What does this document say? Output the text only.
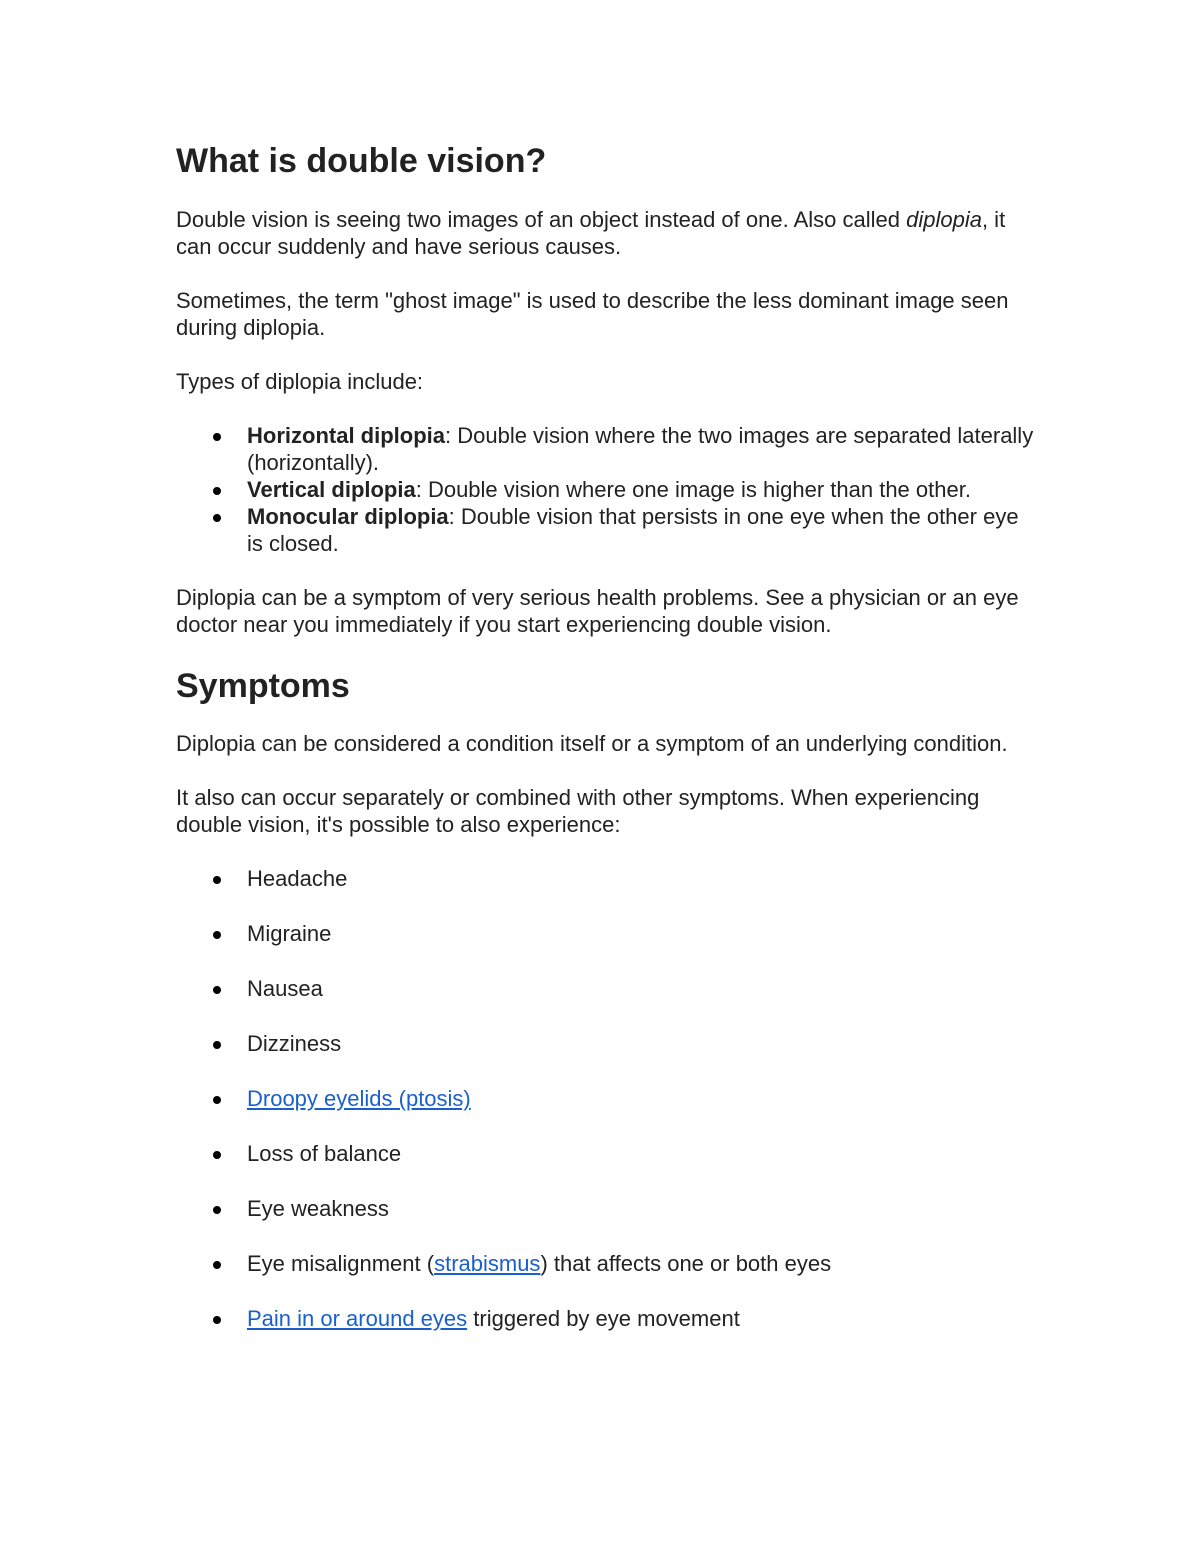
What is double vision?

Double vision is seeing two images of an object instead of one. Also called diplopia, it can occur suddenly and have serious causes.

Sometimes, the term "ghost image" is used to describe the less dominant image seen during diplopia.

Types of diplopia include:

Horizontal diplopia: Double vision where the two images are separated laterally (horizontally).
Vertical diplopia: Double vision where one image is higher than the other.
Monocular diplopia: Double vision that persists in one eye when the other eye is closed.

Diplopia can be a symptom of very serious health problems. See a physician or an eye doctor near you immediately if you start experiencing double vision.

Symptoms

Diplopia can be considered a condition itself or a symptom of an underlying condition.

It also can occur separately or combined with other symptoms. When experiencing double vision, it's possible to also experience:

Headache
Migraine
Nausea
Dizziness
Droopy eyelids (ptosis)
Loss of balance
Eye weakness
Eye misalignment (strabismus) that affects one or both eyes
Pain in or around eyes triggered by eye movement
